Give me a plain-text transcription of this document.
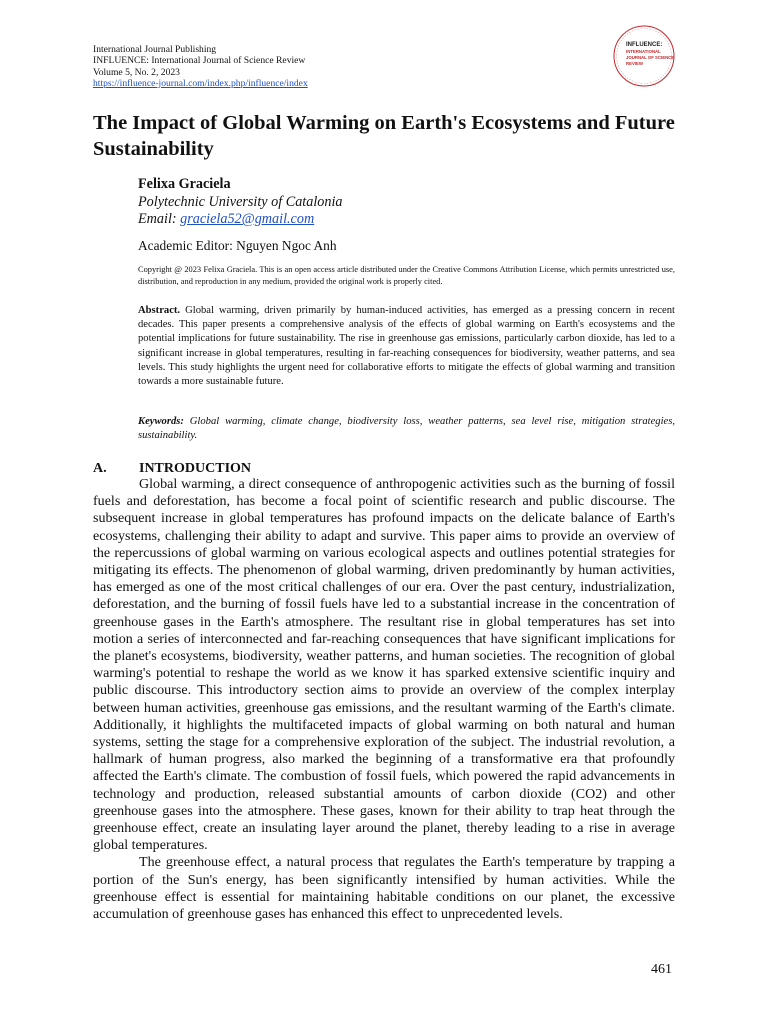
International Journal Publishing
INFLUENCE: International Journal of Science Review
Volume 5, No. 2, 2023
https://influence-journal.com/index.php/influence/index
INFLUENCE:
INTERNATIONAL
JOURNAL OF SCIENCE
REVIEW
The Impact of Global Warming on Earth's Ecosystems and Future Sustainability
Felixa Graciela
Polytechnic University of Catalonia
Email: graciela52@gmail.com
Academic Editor: Nguyen Ngoc Anh
Copyright @ 2023 Felixa Graciela. This is an open access article distributed under the Creative Commons Attribution License, which permits unrestricted use, distribution, and reproduction in any medium, provided the original work is properly cited.
Abstract. Global warming, driven primarily by human-induced activities, has emerged as a pressing concern in recent decades. This paper presents a comprehensive analysis of the effects of global warming on Earth's ecosystems and the potential implications for future sustainability. The rise in greenhouse gas emissions, particularly carbon dioxide, has led to a significant increase in global temperatures, resulting in far-reaching consequences for biodiversity, weather patterns, and sea levels. This study highlights the urgent need for collaborative efforts to mitigate the effects of global warming and transition towards a more sustainable future.
Keywords: Global warming, climate change, biodiversity loss, weather patterns, sea level rise, mitigation strategies, sustainability.
A. INTRODUCTION

Global warming, a direct consequence of anthropogenic activities such as the burning of fossil fuels and deforestation, has become a focal point of scientific research and public discourse. The subsequent increase in global temperatures has profound impacts on the delicate balance of Earth's ecosystems, challenging their ability to adapt and survive. This paper aims to provide an overview of the repercussions of global warming on various ecological aspects and outlines potential strategies for mitigating its effects. The phenomenon of global warming, driven predominantly by human activities, has emerged as one of the most critical challenges of our era. Over the past century, industrialization, deforestation, and the burning of fossil fuels have led to a substantial increase in the concentration of greenhouse gases in the Earth's atmosphere. The resultant rise in global temperatures has set into motion a series of interconnected and far-reaching consequences that have significant implications for the planet's ecosystems, biodiversity, weather patterns, and human societies. The recognition of global warming's potential to reshape the world as we know it has sparked extensive scientific inquiry and public discourse. This introductory section aims to provide an overview of the complex interplay between human activities, greenhouse gas emissions, and the resultant warming of the Earth's climate. Additionally, it highlights the multifaceted impacts of global warming on both natural and human systems, setting the stage for a comprehensive exploration of the subject. The industrial revolution, a hallmark of human progress, also marked the beginning of a transformative era that profoundly affected the Earth's climate. The combustion of fossil fuels, which powered the rapid advancements in technology and production, released substantial amounts of carbon dioxide (CO2) and other greenhouse gases into the atmosphere. These gases, known for their ability to trap heat through the greenhouse effect, create an insulating layer around the planet, thereby leading to a rise in average global temperatures.

The greenhouse effect, a natural process that regulates the Earth's temperature by trapping a portion of the Sun's energy, has been significantly intensified by human activities. While the greenhouse effect is essential for maintaining habitable conditions on our planet, the excessive accumulation of greenhouse gases has enhanced this effect to unprecedented levels.

461
